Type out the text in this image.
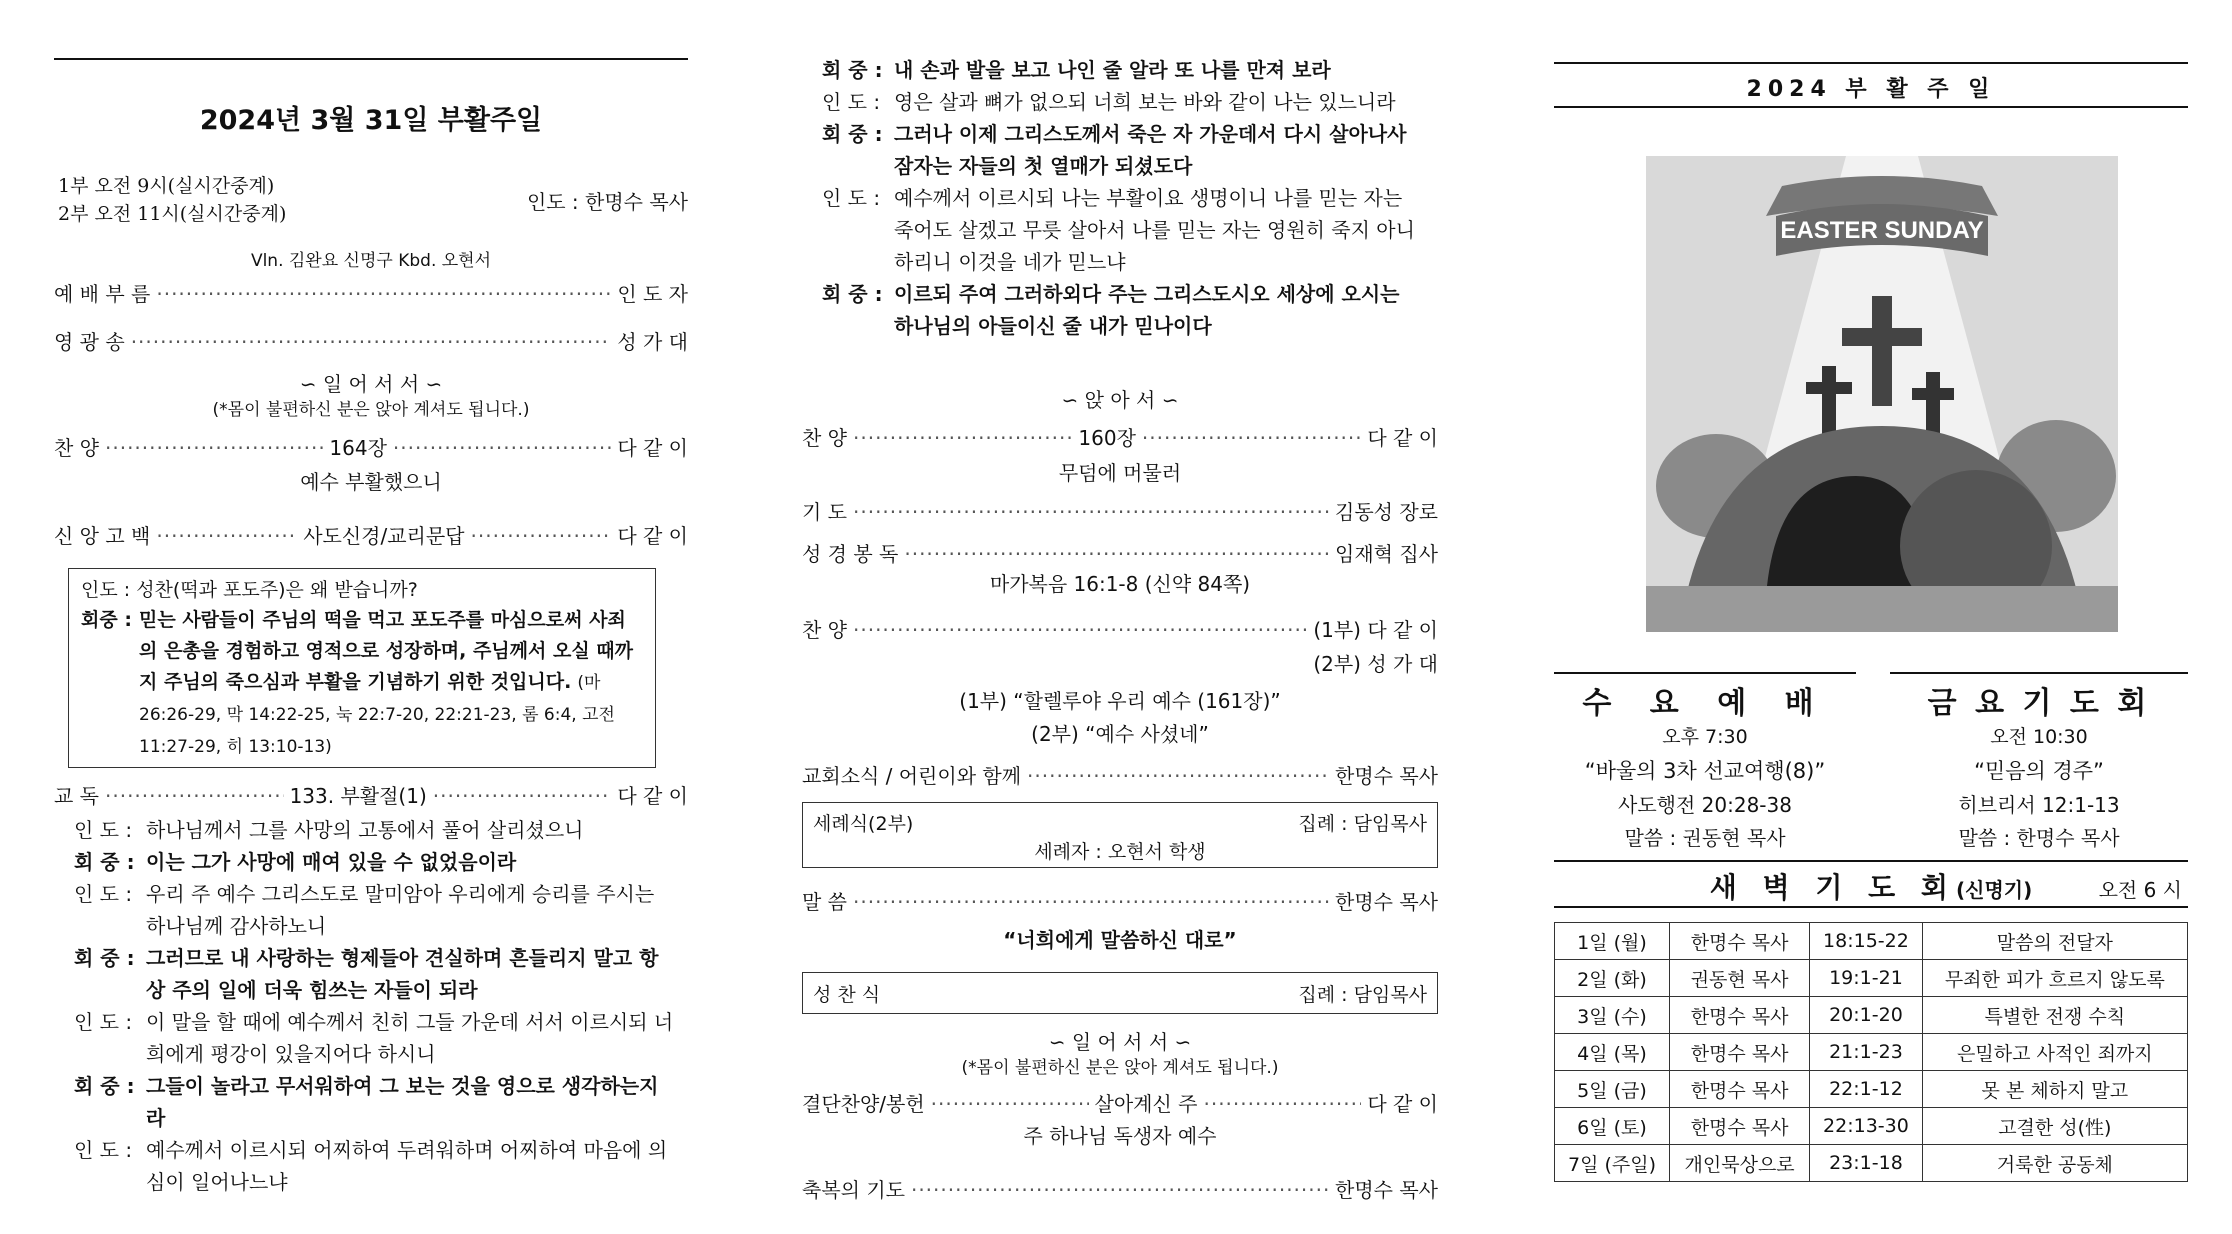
2024년 3월 31일 부활주일
1부 오전 9시(실시간중계)
2부 오전 11시(실시간중계)	인도 : 한명수 목사
Vln. 김완요 신명구 Kbd. 오현서
예 배 부 름 ·····	인 도 자
영 광 송 ·····	성 가 대
∽ 일 어 서 서 ∽
(*몸이 불편하신 분은 앉아 계셔도 됩니다.)
찬 양 ·····	164장 ·····	다 같 이
예수 부활했으니
신 앙 고 백 ·····	사도신경/교리문답 ·····	다 같 이
인도 : 성찬(떡과 포도주)은 왜 받습니까?
회중 : 믿는 사람들이 주님의 떡을 먹고 포도주를 마심으로써 사죄의 은총을 경험하고 영적으로 성장하며, 주님께서 오실 때까지 주님의 죽으심과 부활을 기념하기 위한 것입니다. (마 26:26-29, 막 14:22-25, 눅 22:7-20, 22:21-23, 롬 6:4, 고전 11:27-29, 히 13:10-13)
교 독 ·····	133. 부활절(1) ·····	다 같 이
인 도 : 하나님께서 그를 사망의 고통에서 풀어 살리셨으니
회 중 : 이는 그가 사망에 매여 있을 수 없었음이라
인 도 : 우리 주 예수 그리스도로 말미암아 우리에게 승리를 주시는 하나님께 감사하노니
회 중 : 그러므로 내 사랑하는 형제들아 견실하며 흔들리지 말고 항상 주의 일에 더욱 힘쓰는 자들이 되라
인 도 : 이 말을 할 때에 예수께서 친히 그들 가운데 서서 이르시되 너희에게 평강이 있을지어다 하시니
회 중 : 그들이 놀라고 무서워하여 그 보는 것을 영으로 생각하는지라
인 도 : 예수께서 이르시되 어찌하여 두려워하며 어찌하여 마음에 의심이 일어나느냐
회 중 : 내 손과 발을 보고 나인 줄 알라 또 나를 만져 보라
인 도 : 영은 살과 뼈가 없으되 너희 보는 바와 같이 나는 있느니라
회 중 : 그러나 이제 그리스도께서 죽은 자 가운데서 다시 살아나사 잠자는 자들의 첫 열매가 되셨도다
인 도 : 예수께서 이르시되 나는 부활이요 생명이니 나를 믿는 자는 죽어도 살겠고 무릇 살아서 나를 믿는 자는 영원히 죽지 아니하리니 이것을 네가 믿느냐
회 중 : 이르되 주여 그러하외다 주는 그리스도시오 세상에 오시는 하나님의 아들이신 줄 내가 믿나이다
∽ 앉 아 서 ∽
찬 양 ·····	160장 ·····	다 같 이
무덤에 머물러
기 도 ·····	김동성 장로
성 경 봉 독 ·····	임재혁 집사
마가복음 16:1-8 (신약 84쪽)
찬 양 ·····	(1부) 다 같 이
(2부) 성 가 대
(1부) “할렐루야 우리 예수 (161장)”
(2부) “예수 사셨네”
교회소식 / 어린이와 함께 ·····	한명수 목사
세례식(2부)	집례 : 담임목사
세례자 : 오현서 학생
말 씀 ·····	한명수 목사
“너희에게 말씀하신 대로”
성 찬 식	집례 : 담임목사
∽ 일 어 서 서 ∽
(*몸이 불편하신 분은 앉아 계셔도 됩니다.)
결단찬양/봉헌 ·····	살아계신 주 ·····	다 같 이
주 하나님 독생자 예수
축복의 기도 ·····	한명수 목사
2024 부 활 주 일
EASTER SUNDAY
수 요 예 배
오후 7:30
“바울의 3차 선교여행(8)”
사도행전 20:28-38
말씀 : 권동현 목사
금 요 기 도 회
오전 10:30
“믿음의 경주”
히브리서 12:1-13
말씀 : 한명수 목사
새 벽 기 도 회(신명기)	오전 6 시
1일 (월)	한명수 목사	18:15-22	말씀의 전달자
2일 (화)	권동현 목사	19:1-21	무죄한 피가 흐르지 않도록
3일 (수)	한명수 목사	20:1-20	특별한 전쟁 수칙
4일 (목)	한명수 목사	21:1-23	은밀하고 사적인 죄까지
5일 (금)	한명수 목사	22:1-12	못 본 체하지 말고
6일 (토)	한명수 목사	22:13-30	고결한 성(性)
7일 (주일)	개인묵상으로	23:1-18	거룩한 공동체
